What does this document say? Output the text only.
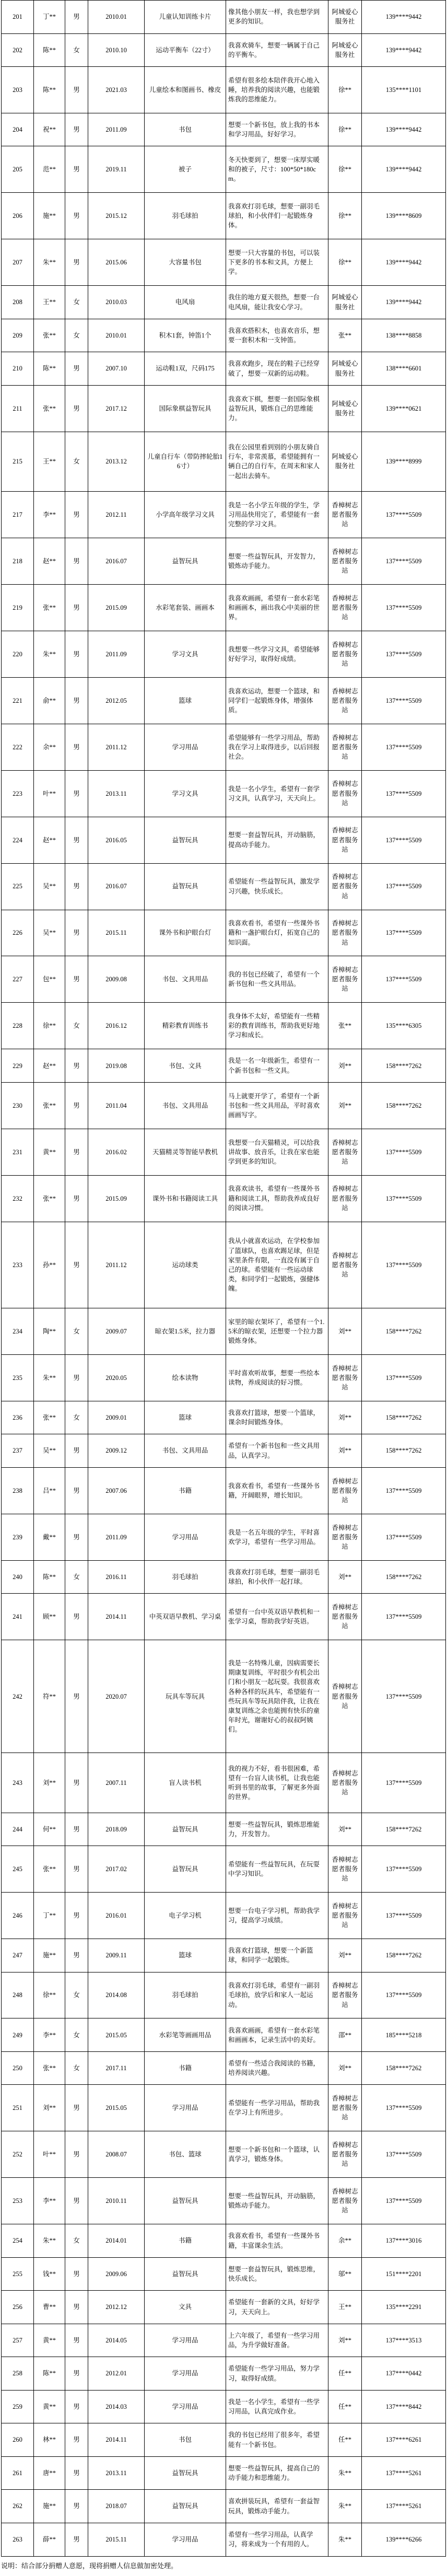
201	丁**	男	2010.01	儿童认知训练卡片	像其他小朋友一样，我也想学到更多的知识。	阿城爱心服务社	139****9442
202	陈**	女	2010.10	运动平衡车（22寸）	我喜欢骑车，想要一辆属于自己的平衡车。	阿城爱心服务社	139****9442
203	陈**	男	2021.03	儿童绘本和图画书、橡皮	希望有很多绘本陪伴我开心地入睡，培养我的阅读兴趣，也能锻炼我的思维能力。	徐**	135****1101
204	祝**	男	2011.09	书包	想要一个新书包，放上我的书本和学习用品，好好学习。	徐**	139****9442
205	范**	男	2019.11	被子	冬天快要到了，想要一床厚实暖和的被子，尺寸：100*50*180cm。	徐**	139****9442
206	施**	男	2015.12	羽毛球拍	我喜欢打羽毛球，想要一副羽毛球拍，和小伙伴们一起锻炼身体。	徐**	139****8609
207	朱**	男	2015.06	大容量书包	想要一只大容量的书包，可以装下更多的书本和文具，方便上学。	徐**	139****9442
208	王**	女	2010.03	电风扇	我住的地方夏天很热，想要一台电风扇，能让我安心学习。	阿城爱心服务社	139****9442
209	张**	女	2010.01	积木1套，钟笛1个	我喜欢搭积木，也喜欢音乐，想要一套积木和一支钟笛。	张**	138****8858
210	陈**	男	2007.10	运动鞋1双，尺码175	我喜欢跑步，现在的鞋子已经穿破了，想要一双新的运动鞋。	阿城爱心服务社	138****6601
211	张**	男	2017.12	国际象棋益智玩具	我喜欢下棋，想要一套国际象棋益智玩具，锻炼自己的思维能力。	阿城爱心服务社	139****0621
215	王**	女	2013.12	儿童自行车（带防摔轮胎16寸）	我在公园里看到别的小朋友骑自行车，非常羡慕，希望能拥有一辆自己的自行车，在周末和家人一起出去骑车。	阿城爱心服务社	139****8999
217	李**	男	2012.11	小学高年级学习文具	我是一名小学五年级的学生，学习用品快用完了，希望能有一套完整的学习文具。	香樟树志愿者服务站	137****5509
218	赵**	男	2016.07	益智玩具	想要一些益智玩具，开发智力，锻炼动手能力。	香樟树志愿者服务站	137****5509
219	张**	男	2015.09	水彩笔套装、画画本	我喜欢画画，希望有一套水彩笔和画画本，画出我心中美丽的世界。	香樟树志愿者服务站	137****5509
220	朱**	男	2011.09	学习文具	我想要一些学习文具，希望能够好好学习，取得好成绩。	香樟树志愿者服务站	137****5509
221	俞**	男	2012.05	篮球	我喜欢运动，想要一个篮球，和同学们一起锻炼身体，增强体质。	香樟树志愿者服务站	137****5509
222	余**	男	2011.12	学习用品	希望能够有一些学习用品，帮助我在学习上取得进步，以后回报社会。	香樟树志愿者服务站	137****5509
223	叶**	男	2013.11	学习文具	我是一名小学生，希望有一套学习文具，认真学习，天天向上。	香樟树志愿者服务站	137****5509
224	赵**	男	2016.05	益智玩具	想要一套益智玩具，开动脑筋，提高动手能力。	香樟树志愿者服务站	137****5509
225	吴**	男	2016.07	益智玩具	希望能有一些益智玩具，激发学习兴趣，快乐成长。	香樟树志愿者服务站	137****5509
226	吴**	男	2015.11	课外书和护眼台灯	我喜欢看书，希望有一些课外书籍和一盏护眼台灯，拓宽自己的知识面。	香樟树志愿者服务站	137****5509
227	包**	男	2009.08	书包、文具用品	我的书包已经破了，希望有一个新书包和一些文具用品。	香樟树志愿者服务站	137****5509
228	徐**	女	2016.12	精彩教育训练书	我身体不太好，希望能有一些精彩的教育训练书，帮助我更好地学习和成长。	张**	135****6305
229	赵**	男	2019.08	书包、文具	我是一名一年级新生，希望有一个新书包和一些文具。	刘**	158****7262
230	张**	男	2011.04	书包、文具用品	马上就要开学了，希望有一个新书包和一些文具用品，平时喜欢画画写字。	刘**	158****7262
231	黄**	男	2016.02	天猫精灵等智能早教机	我想要一台天猫精灵，可以给我讲故事、放音乐，让我在家也能学到更多的知识。	香樟树志愿者服务站	137****5509
232	张**	男	2015.09	课外书和书籍阅读工具	我喜欢读书，希望有一些课外书籍和阅读工具，帮助我养成良好的阅读习惯。	香樟树志愿者服务站	137****5509
233	孙**	男	2011.12	运动球类	我从小就喜欢运动，在学校参加了篮球队，也喜欢踢足球，但是家里条件有限，一直没有属于自己的球。希望能有一些运动球类，和同学们一起锻炼，强健体魄。	香樟树志愿者服务站	137****5509
234	陶**	女	2009.07	晾衣架1.5米，拉力器	家里的晾衣架坏了，希望有一个1.5米的晾衣架，还想要一个拉力器锻炼身体。	刘**	158****7262
235	朱**	男	2020.05	绘本读物	平时喜欢听故事，想要一些绘本读物，养成阅读的好习惯。	香樟树志愿者服务站	137****5509
236	张**	女	2009.01	篮球	我喜欢打篮球，想要一个篮球，课余时间锻炼身体。	刘**	158****7262
237	吴**	男	2009.12	书包、文具用品	希望有一个新书包和一些文具用品，认真学习。	刘**	158****7262
238	吕**	男	2007.06	书籍	我喜欢看书，希望有一些课外书籍，开阔眼界，增长知识。	香樟树志愿者服务站	137****5509
239	戴**	男	2011.09	学习用品	我是一名五年级的学生，平时喜欢学习，希望有一些学习用品。	香樟树志愿者服务站	137****5509
240	陈**	女	2016.11	羽毛球拍	我喜欢打羽毛球，想要一副羽毛球拍，和小伙伴一起打球。	刘**	158****7262
241	顾**	男	2014.11	中英双语早教机、学习桌	希望有一台中英双语早教机和一张学习桌，帮助我学好英语。	香樟树志愿者服务站	137****5509
242	符**	男	2020.07	玩具车等玩具	我是一名特殊儿童，因病需要长期康复训练，平时很少有机会出门和小朋友一起玩耍。我很喜欢各种各样的玩具车，希望能有一些玩具车等玩具陪伴我，让我在康复训练之余也能拥有快乐的童年时光，谢谢好心的叔叔阿姨们。	香樟树志愿者服务站	137****5509
243	刘**	男	2007.11	盲人读书机	我的视力不好，看书很困难，希望有一台盲人读书机，让我也能听到书里的故事，了解更多外面的世界。	香樟树志愿者服务站	137****5509
244	何**	男	2018.09	益智玩具	想要一些益智玩具，锻炼思维能力，开发智力。	刘**	158****7262
245	张**	男	2017.02	益智玩具	希望能有一些益智玩具，在玩耍中学习知识。	香樟树志愿者服务站	137****5509
246	丁**	男	2016.01	电子学习机	想要一台电子学习机，帮助我学习，提高学习成绩。	香樟树志愿者服务站	137****5509
247	施**	男	2009.11	篮球	我喜欢打篮球，想要一个新篮球，和同学一起锻炼。	刘**	158****7262
248	徐**	女	2014.08	羽毛球拍	我喜欢打羽毛球，希望有一副羽毛球拍，放学后和家人一起运动。	香樟树志愿者服务站	137****5509
249	李**	女	2015.05	水彩笔等画画用品	我喜欢画画，希望有一套水彩笔和画画本，记录生活中的美好。	邵**	185****5218
250	张**	女	2017.11	书籍	希望有一些适合我阅读的书籍，培养阅读兴趣。	刘**	158****7262
251	刘**	男	2015.05	学习用品	希望能有一些学习用品，帮助我在学习上有所进步。	香樟树志愿者服务站	137****5509
252	叶**	男	2008.07	书包、篮球	想要一个新书包和一个篮球，认真学习，锻炼身体。	香樟树志愿者服务站	137****5509
253	李**	男	2010.11	益智玩具	想要一些益智玩具，开动脑筋，锻炼动手能力。	香樟树志愿者服务站	137****5509
254	朱**	女	2014.01	书籍	我喜欢看书，希望有一些课外书籍，丰富课余生活。	余**	137****3016
255	钱**	男	2009.06	益智玩具	想要一套益智玩具，锻炼思维，快乐成长。	邬**	151****2201
256	曹**	男	2012.12	文具	希望能有一套新的文具，好好学习，天天向上。	王**	135****2291
257	黄**	男	2014.05	学习用品	上六年级了，希望有一些学习用品，为升学做好准备。	刘**	137****3513
258	陈**	男	2012.01	学习用品	希望能有一些学习用品，努力学习，取得好成绩。	任**	137****0442
259	黄**	男	2014.03	学习用品	我是一名小学生，希望有一些学习用品，认真完成作业。	任**	137****8442
260	林**	男	2014.11	书包	我的书包已经用了很多年，希望能有一个新书包。	任**	137****6261
261	唐**	男	2013.11	益智玩具	想要一些益智玩具，提高自己的动手能力和思维能力。	朱**	137****5261
262	施**	男	2018.07	益智玩具	喜欢拼装玩具，希望有一套益智玩具，锻炼动手能力。	朱**	137****5261
263	薛**	男	2015.11	学习用品	希望有一些学习用品，认真学习，将来成为一个有用的人。	朱**	139****6266
说明：结合部分捐赠人意愿，现将捐赠人信息做加密处理。
